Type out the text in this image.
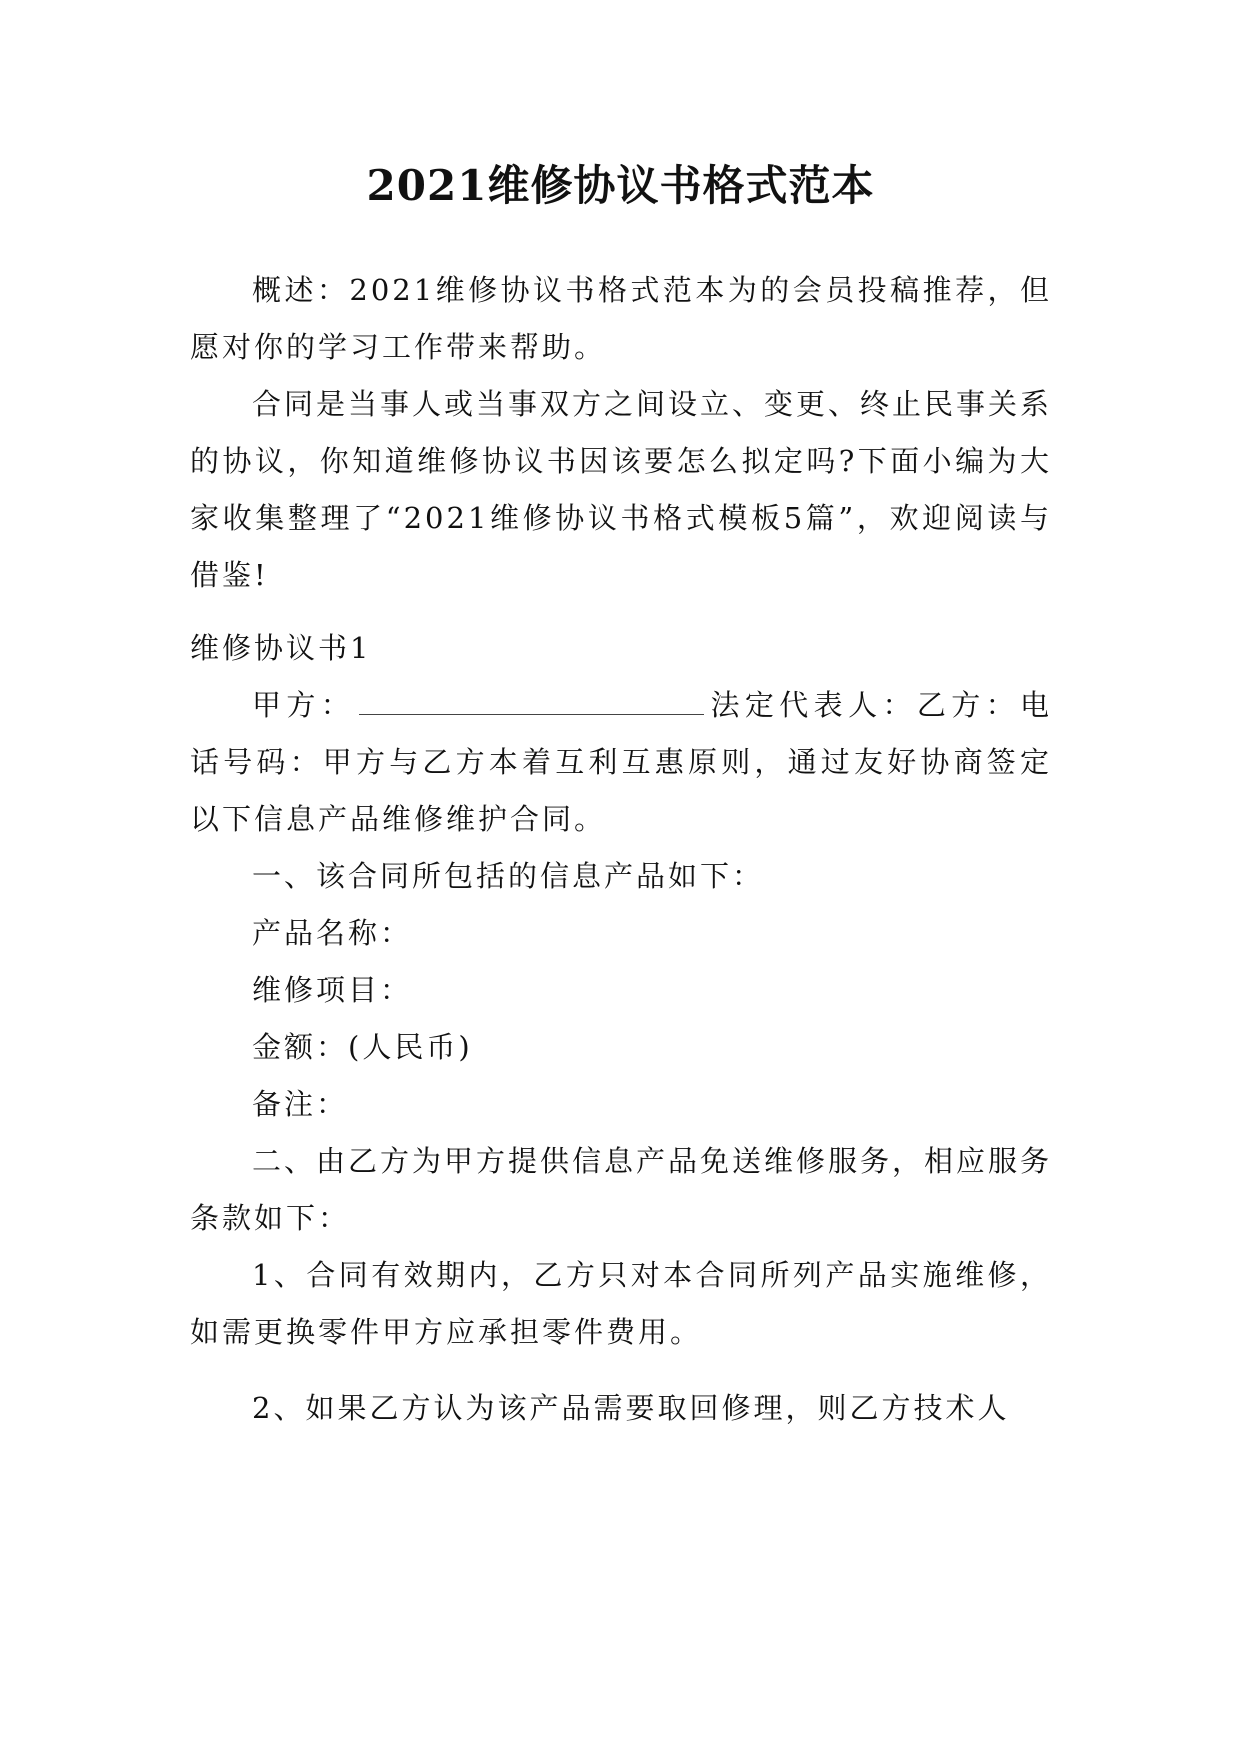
2021维修协议书格式范本

概述：2021维修协议书格式范本为的会员投稿推荐，但愿对你的学习工作带来帮助。

合同是当事人或当事双方之间设立、变更、终止民事关系的协议，你知道维修协议书因该要怎么拟定吗?下面小编为大家收集整理了“2021维修协议书格式模板5篇”，欢迎阅读与借鉴!

维修协议书1

甲方：	法定代表人：乙方：电话号码：甲方与乙方本着互利互惠原则，通过友好协商签定以下信息产品维修维护合同。

一、该合同所包括的信息产品如下：

产品名称：

维修项目：

金额：(人民币)

备注：

二、由乙方为甲方提供信息产品免送维修服务，相应服务条款如下：

1、合同有效期内，乙方只对本合同所列产品实施维修，如需更换零件甲方应承担零件费用。

2、如果乙方认为该产品需要取回修理，则乙方技术人
